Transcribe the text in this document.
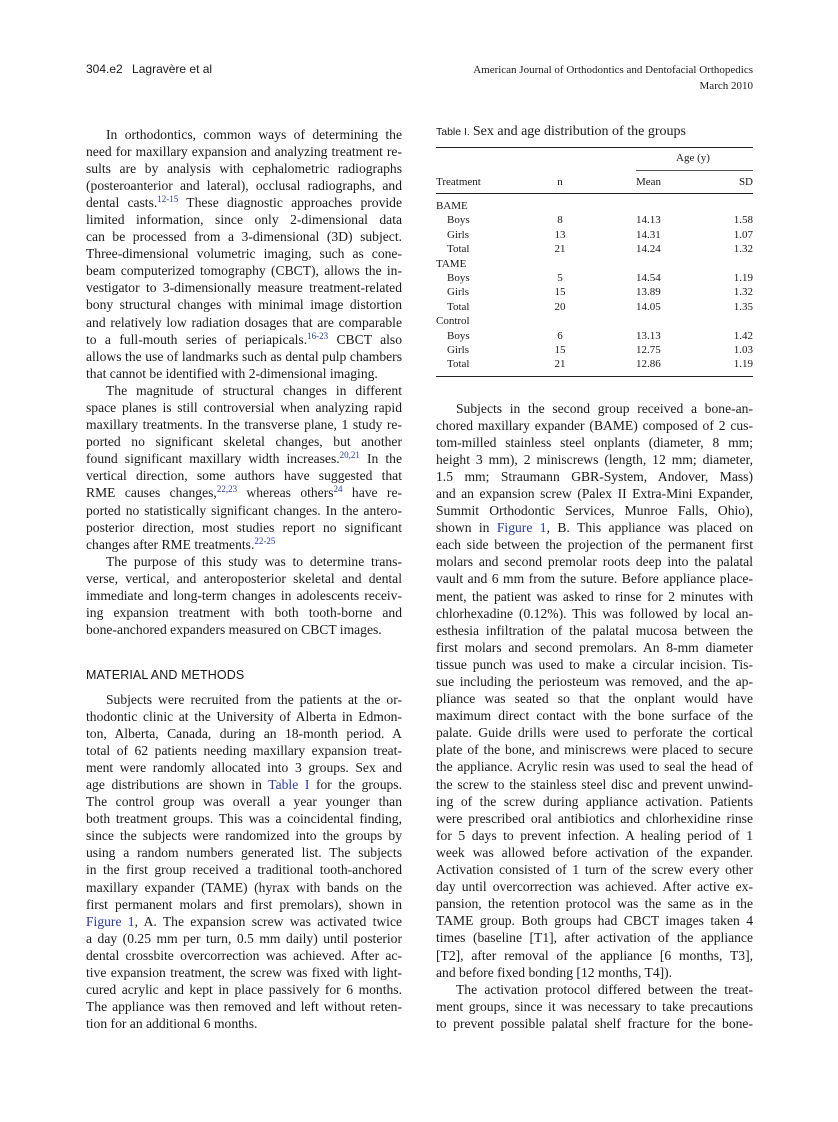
304.e2 Lagravère et al	American Journal of Orthodontics and Dentofacial Orthopedics
March 2010
In orthodontics, common ways of determining the
need for maxillary expansion and analyzing treatment re-
sults are by analysis with cephalometric radiographs
(posteroanterior and lateral), occlusal radiographs, and
dental casts.$^{12-15}$ These diagnostic approaches provide
limited information, since only 2-dimensional data
can be processed from a 3-dimensional (3D) subject.
Three-dimensional volumetric imaging, such as cone-
beam computerized tomography (CBCT), allows the in-
vestigator to 3-dimensionally measure treatment-related
bony structural changes with minimal image distortion
and relatively low radiation dosages that are comparable
to a full-mouth series of periapicals.$^{16-23}$ CBCT also
allows the use of landmarks such as dental pulp chambers
that cannot be identified with 2-dimensional imaging.
The magnitude of structural changes in different
space planes is still controversial when analyzing rapid
maxillary treatments. In the transverse plane, 1 study re-
ported no significant skeletal changes, but another
found significant maxillary width increases.$^{20,21}$ In the
vertical direction, some authors have suggested that
RME causes changes,$^{22,23}$ whereas others$^{24}$ have re-
ported no statistically significant changes. In the antero-
posterior direction, most studies report no significant
changes after RME treatments.$^{22-25}$
The purpose of this study was to determine trans-
verse, vertical, and anteroposterior skeletal and dental
immediate and long-term changes in adolescents receiv-
ing expansion treatment with both tooth-borne and
bone-anchored expanders measured on CBCT images.
MATERIAL AND METHODS
Subjects were recruited from the patients at the or-
thodontic clinic at the University of Alberta in Edmon-
ton, Alberta, Canada, during an 18-month period. A
total of 62 patients needing maxillary expansion treat-
ment were randomly allocated into 3 groups. Sex and
age distributions are shown in Table I for the groups.
The control group was overall a year younger than
both treatment groups. This was a coincidental finding,
since the subjects were randomized into the groups by
using a random numbers generated list. The subjects
in the first group received a traditional tooth-anchored
maxillary expander (TAME) (hyrax with bands on the
first permanent molars and first premolars), shown in
Figure 1, A. The expansion screw was activated twice
a day (0.25 mm per turn, 0.5 mm daily) until posterior
dental crossbite overcorrection was achieved. After ac-
tive expansion treatment, the screw was fixed with light-
cured acrylic and kept in place passively for 6 months.
The appliance was then removed and left without reten-
tion for an additional 6 months.
Subjects in the second group received a bone-an-
chored maxillary expander (BAME) composed of 2 cus-
tom-milled stainless steel onplants (diameter, 8 mm;
height 3 mm), 2 miniscrews (length, 12 mm; diameter,
1.5 mm; Straumann GBR-System, Andover, Mass)
and an expansion screw (Palex II Extra-Mini Expander,
Summit Orthodontic Services, Munroe Falls, Ohio),
shown in Figure 1, B. This appliance was placed on
each side between the projection of the permanent first
molars and second premolar roots deep into the palatal
vault and 6 mm from the suture. Before appliance place-
ment, the patient was asked to rinse for 2 minutes with
chlorhexadine (0.12%). This was followed by local an-
esthesia infiltration of the palatal mucosa between the
first molars and second premolars. An 8-mm diameter
tissue punch was used to make a circular incision. Tis-
sue including the periosteum was removed, and the ap-
pliance was seated so that the onplant would have
maximum direct contact with the bone surface of the
palate. Guide drills were used to perforate the cortical
plate of the bone, and miniscrews were placed to secure
the appliance. Acrylic resin was used to seal the head of
the screw to the stainless steel disc and prevent unwind-
ing of the screw during appliance activation. Patients
were prescribed oral antibiotics and chlorhexidine rinse
for 5 days to prevent infection. A healing period of 1
week was allowed before activation of the expander.
Activation consisted of 1 turn of the screw every other
day until overcorrection was achieved. After active ex-
pansion, the retention protocol was the same as in the
TAME group. Both groups had CBCT images taken 4
times (baseline [T1], after activation of the appliance
[T2], after removal of the appliance [6 months, T3],
and before fixed bonding [12 months, T4]).
The activation protocol differed between the treat-
ment groups, since it was necessary to take precautions
to prevent possible palatal shelf fracture for the bone-
Table I. Sex and age distribution of the groups
Age (y)
Treatment	n	Mean	SD
BAME
Boys	8	14.13	1.58
Girls	13	14.31	1.07
Total	21	14.24	1.32
TAME
Boys	5	14.54	1.19
Girls	15	13.89	1.32
Total	20	14.05	1.35
Control
Boys	6	13.13	1.42
Girls	15	12.75	1.03
Total	21	12.86	1.19
